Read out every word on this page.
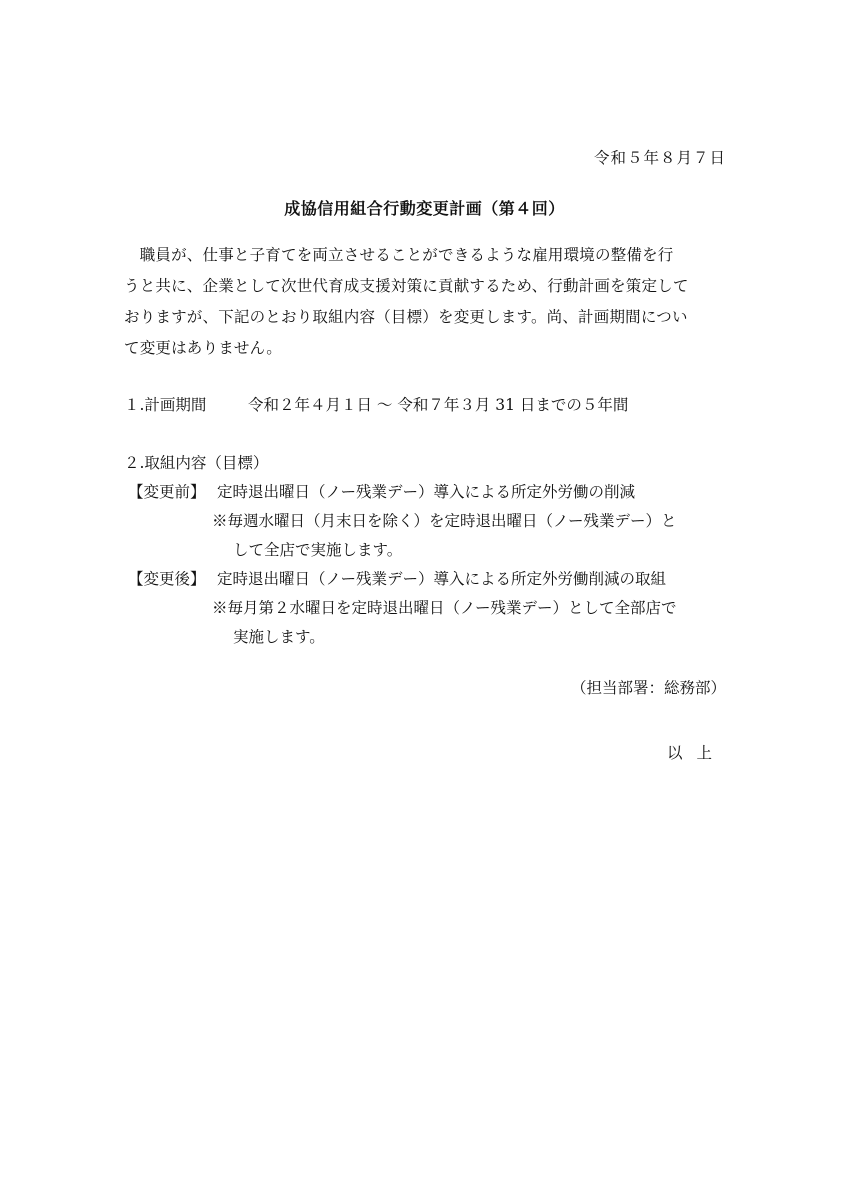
令和５年８月７日
成協信用組合行動変更計画（第４回）
　職員が、仕事と子育てを両立させることができるような雇用環境の整備を行
うと共に、企業として次世代育成支援対策に貢献するため、行動計画を策定して
おりますが、下記のとおり取組内容（目標）を変更します。尚、計画期間につい
て変更はありません。
１.計画期間	令和２年４月１日 ～ 令和７年３月 31 日までの５年間
２.取組内容（目標）
【変更前】 定時退出曜日（ノー残業デー）導入による所定外労働の削減
※毎週水曜日（月末日を除く）を定時退出曜日（ノー残業デー）と
して全店で実施します。
【変更後】 定時退出曜日（ノー残業デー）導入による所定外労働削減の取組
※毎月第２水曜日を定時退出曜日（ノー残業デー）として全部店で
実施します。
（担当部署：総務部）
以上
